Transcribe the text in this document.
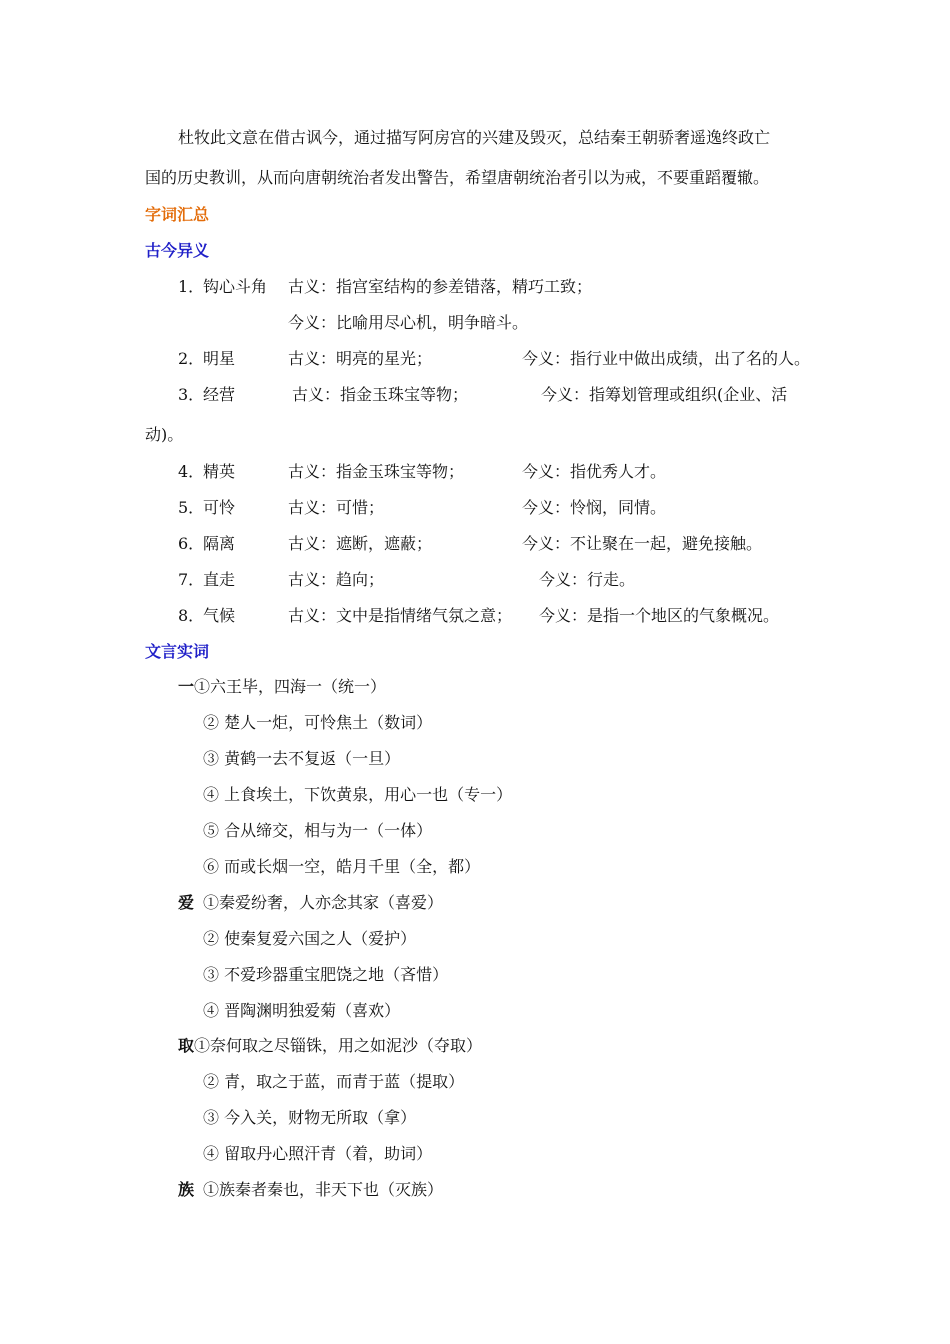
杜牧此文意在借古讽今，通过描写阿房宫的兴建及毁灭，总结秦王朝骄奢遥逸终政亡
国的历史教训，从而向唐朝统治者发出警告，希望唐朝统治者引以为戒，不要重蹈覆辙。
字词汇总
古今异义
1．
钩心斗角 古义：指宫室结构的参差错落，精巧工致；
今义：比喻用尽心机，明争暗斗。
2．
明星	古义：明亮的星光；	今义：指行业中做出成绩，出了名的人。
3．
经营	古义：指金玉珠宝等物；	今义：指筹划管理或组织(企业、活
动)。
4．
精英	古义：指金玉珠宝等物；	今义：指优秀人才。
5．
可怜	古义：可惜；	今义：怜悯，同情。
6．
隔离	古义：遮断，遮蔽；	今义：不让聚在一起，避免接触。
7．
直走	古义：趋向；	今义：行走。
8．
气候	古义：文中是指情绪气氛之意； 今义：是指一个地区的气象概况。
文言实词
一 ①六王毕，四海一（统一）
② 楚人一炬，可怜焦土（数词）
③ 黄鹤一去不复返（一旦）
④ 上食埃土，下饮黄泉，用心一也（专一）
⑤ 合从缔交，相与为一（一体）
⑥ 而或长烟一空，皓月千里（全，都）
爱 ①秦爱纷奢，人亦念其家（喜爱）
② 使秦复爱六国之人（爱护）
③ 不爱珍器重宝肥饶之地（吝惜）
④ 晋陶渊明独爱菊（喜欢）
取 ①奈何取之尽锱铢，用之如泥沙（夺取）
② 青，取之于蓝，而青于蓝（提取）
③ 今入关，财物无所取（拿）
④ 留取丹心照汗青（着，助词）
族 ①族秦者秦也，非天下也（灭族）
